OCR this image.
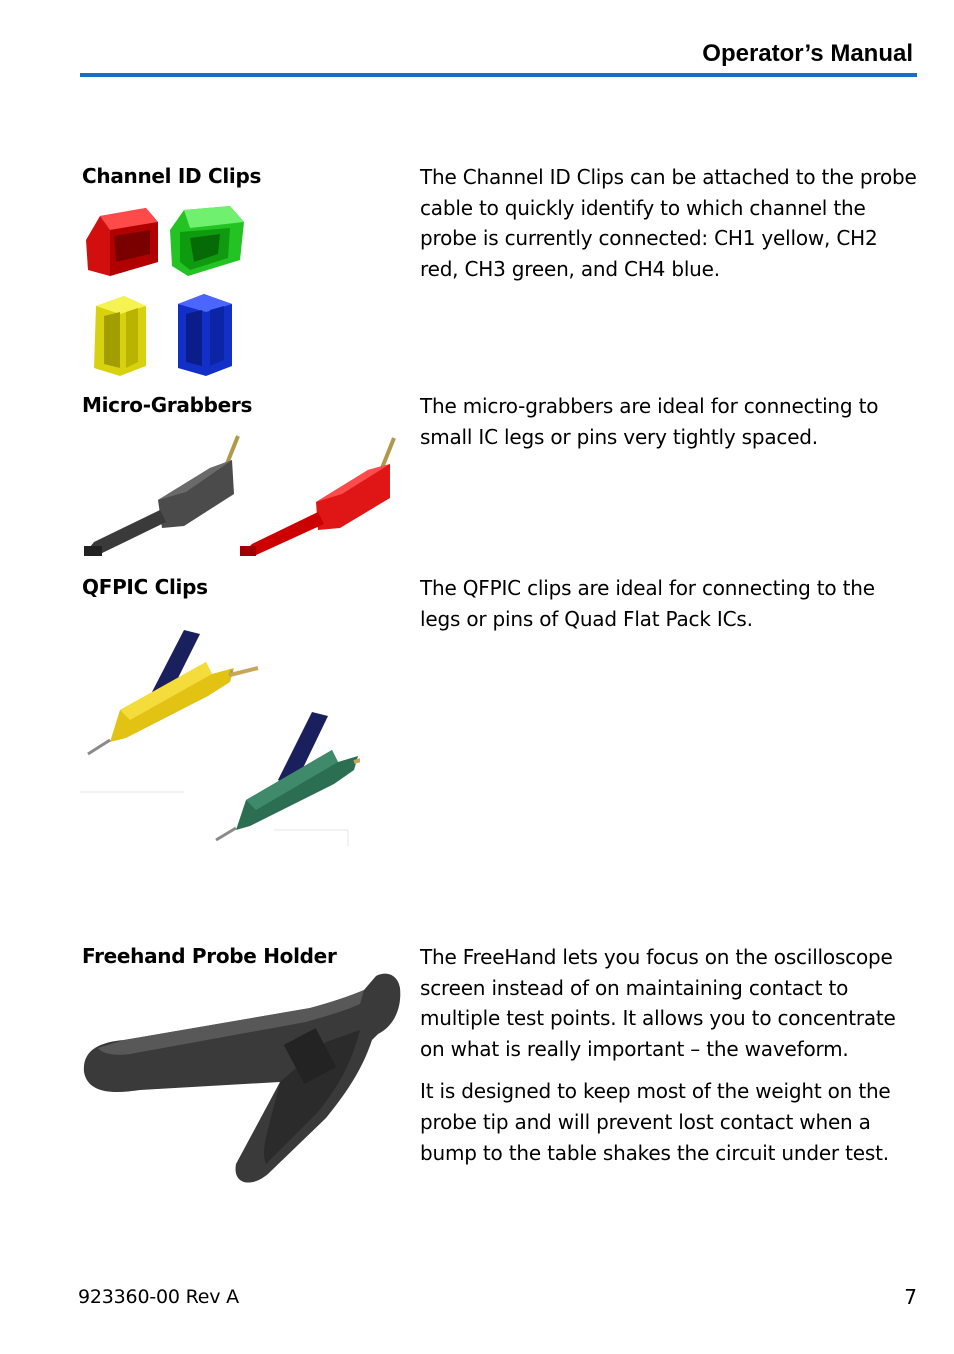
Operator’s Manual
Channel ID Clips	The Channel ID Clips can be attached to the probe cable to quickly identify to which channel the probe is currently connected: CH1 yellow, CH2 red, CH3 green, and CH4 blue.

Micro-Grabbers	The micro-grabbers are ideal for connecting to small IC legs or pins very tightly spaced.

QFPIC Clips	The QFPIC clips are ideal for connecting to the legs or pins of Quad Flat Pack ICs.

Freehand Probe Holder	The FreeHand lets you focus on the oscilloscope screen instead of on maintaining contact to multiple test points. It allows you to concentrate on what is really important – the waveform.

It is designed to keep most of the weight on the probe tip and will prevent lost contact when a bump to the table shakes the circuit under test.

923360-00 Rev A	7
